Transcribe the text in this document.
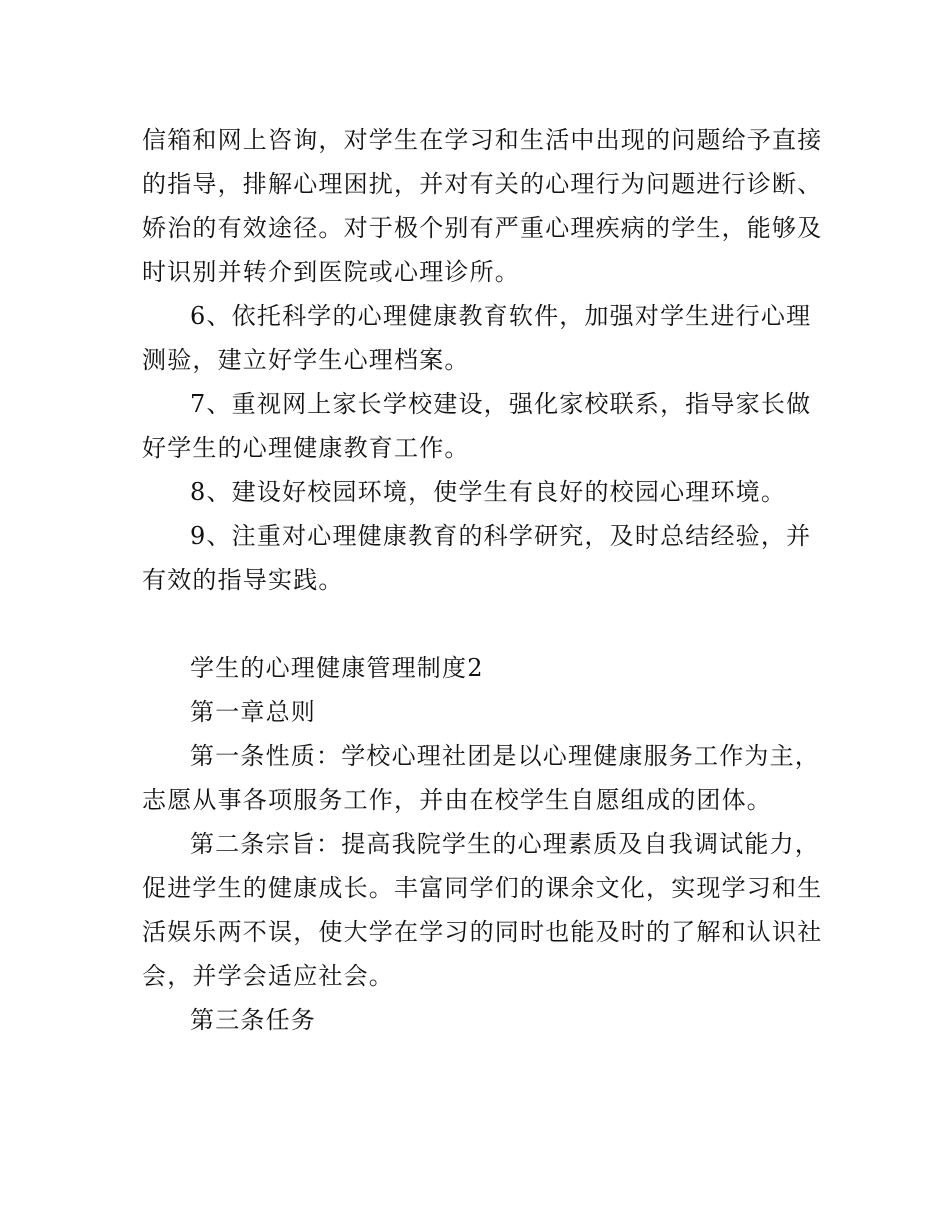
信箱和网上咨询，对学生在学习和生活中出现的问题给予直接
的指导，排解心理困扰，并对有关的心理行为问题进行诊断、
娇治的有效途径。对于极个别有严重心理疾病的学生，能够及
时识别并转介到医院或心理诊所。
6、依托科学的心理健康教育软件，加强对学生进行心理
测验，建立好学生心理档案。
7、重视网上家长学校建设，强化家校联系，指导家长做
好学生的心理健康教育工作。
8、建设好校园环境，使学生有良好的校园心理环境。
9、注重对心理健康教育的科学研究，及时总结经验，并
有效的指导实践。
学生的心理健康管理制度2
第一章总则
第一条性质：学校心理社团是以心理健康服务工作为主，
志愿从事各项服务工作，并由在校学生自愿组成的团体。
第二条宗旨：提高我院学生的心理素质及自我调试能力，
促进学生的健康成长。丰富同学们的课余文化，实现学习和生
活娱乐两不误，使大学在学习的同时也能及时的了解和认识社
会，并学会适应社会。
第三条任务
